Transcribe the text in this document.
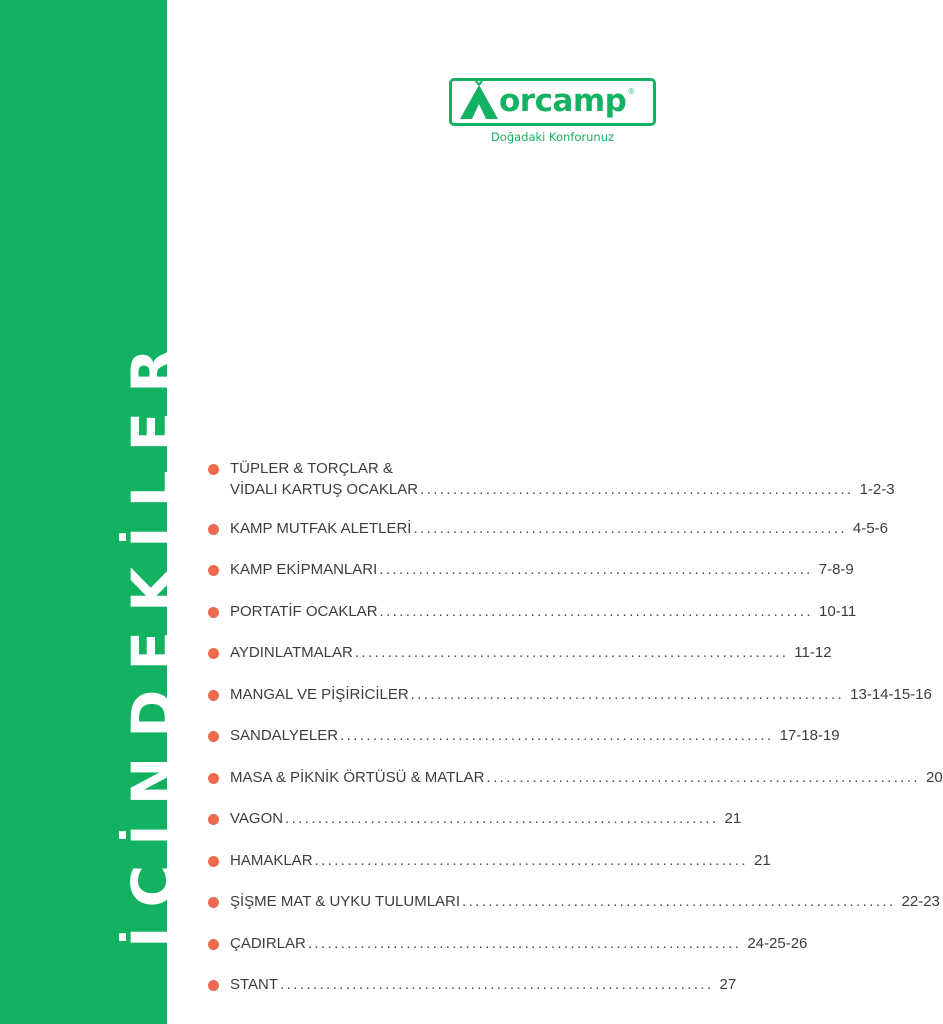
İÇİNDEKİLER
orcamp ®
Doğadaki Konforunuz
TÜPLER & TORÇLAR &
VİDALI KARTUŞ OCAKLAR .................................................................. 1-2-3
KAMP MUTFAK ALETLERİ .................................................................. 4-5-6
KAMP EKİPMANLARI .................................................................. 7-8-9
PORTATİF OCAKLAR .................................................................. 10-11
AYDINLATMALAR .................................................................. 11-12
MANGAL VE PİŞİRİCİLER .................................................................. 13-14-15-16
SANDALYELER .................................................................. 17-18-19
MASA & PİKNİK ÖRTÜSÜ & MATLAR .................................................................. 20
VAGON .................................................................. 21
HAMAKLAR .................................................................. 21
ŞİŞME MAT & UYKU TULUMLARI .................................................................. 22-23
ÇADIRLAR .................................................................. 24-25-26
STANT .................................................................. 27
